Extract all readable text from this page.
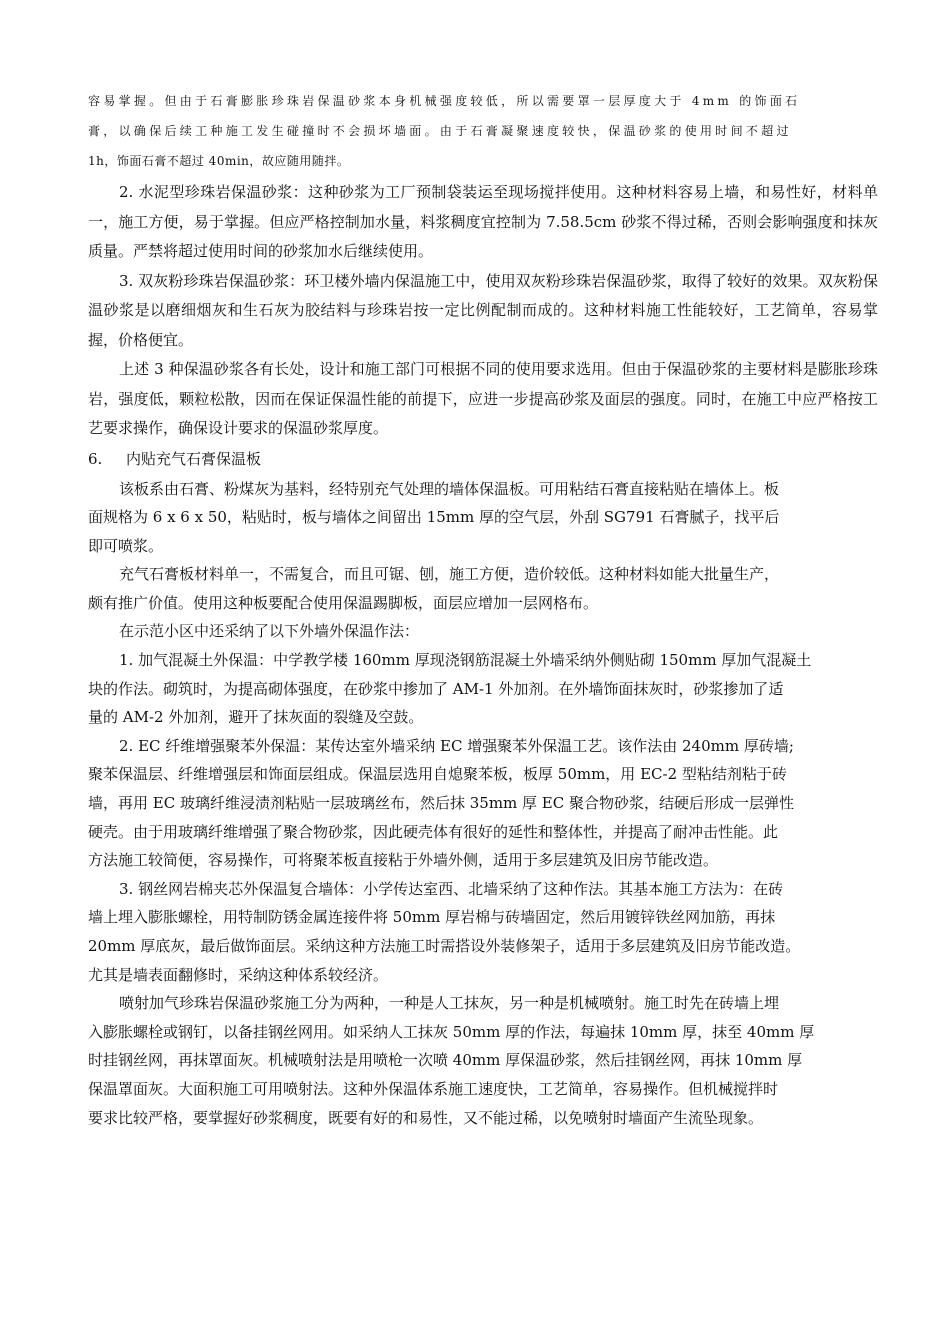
容易掌握。但由于石膏膨胀珍珠岩保温砂浆本身机械强度较低，所以需要罩一层厚度大于 4mm 的饰面石

膏，以确保后续工种施工发生碰撞时不会损坏墙面。由于石膏凝聚速度较快，保温砂浆的使用时间不超过

1h，饰面石膏不超过 40min，故应随用随拌。

2. 水泥型珍珠岩保温砂浆：这种砂浆为工厂预制袋装运至现场搅拌使用。这种材料容易上墙，和易性好，材料单一，施工方便，易于掌握。但应严格控制加水量，料浆稠度宜控制为 7.58.5cm 砂浆不得过稀，否则会影响强度和抹灰质量。严禁将超过使用时间的砂浆加水后继续使用。

3. 双灰粉珍珠岩保温砂浆：环卫楼外墙内保温施工中，使用双灰粉珍珠岩保温砂浆，取得了较好的效果。双灰粉保温砂浆是以磨细烟灰和生石灰为胶结料与珍珠岩按一定比例配制而成的。这种材料施工性能较好，工艺简单，容易掌握，价格便宜。

上述 3 种保温砂浆各有长处，设计和施工部门可根据不同的使用要求选用。但由于保温砂浆的主要材料是膨胀珍珠岩，强度低，颗粒松散，因而在保证保温性能的前提下，应进一步提高砂浆及面层的强度。同时，在施工中应严格按工艺要求操作，确保设计要求的保温砂浆厚度。

6. 内贴充气石膏保温板

该板系由石膏、粉煤灰为基料，经特别充气处理的墙体保温板。可用粘结石膏直接粘贴在墙体上。板

面规格为 6 x 6 x 50，粘贴时，板与墙体之间留出 15mm 厚的空气层，外刮 SG791 石膏腻子，找平后

即可喷浆。

充气石膏板材料单一，不需复合，而且可锯、刨，施工方便，造价较低。这种材料如能大批量生产，

颇有推广价值。使用这种板要配合使用保温踢脚板，面层应增加一层网格布。

在示范小区中还采纳了以下外墙外保温作法：

1. 加气混凝土外保温：中学教学楼 160mm 厚现浇钢筋混凝土外墙采纳外侧贴砌 150mm 厚加气混凝土

块的作法。砌筑时，为提高砌体强度，在砂浆中掺加了 AM-1 外加剂。在外墙饰面抹灰时，砂浆掺加了适

量的 AM-2 外加剂，避开了抹灰面的裂缝及空鼓。

2. EC 纤维增强聚苯外保温：某传达室外墙采纳 EC 增强聚苯外保温工艺。该作法由 240mm 厚砖墙;

聚苯保温层、纤维增强层和饰面层组成。保温层选用自熄聚苯板，板厚 50mm，用 EC-2 型粘结剂粘于砖

墙，再用 EC 玻璃纤维浸渍剂粘贴一层玻璃丝布，然后抹 35mm 厚 EC 聚合物砂浆，结硬后形成一层弹性

硬壳。由于用玻璃纤维增强了聚合物砂浆，因此硬壳体有很好的延性和整体性，并提高了耐冲击性能。此

方法施工较简便，容易操作，可将聚苯板直接粘于外墙外侧，适用于多层建筑及旧房节能改造。

3. 钢丝网岩棉夹芯外保温复合墙体：小学传达室西、北墙采纳了这种作法。其基本施工方法为：在砖

墙上埋入膨胀螺栓，用特制防锈金属连接件将 50mm 厚岩棉与砖墙固定，然后用镀锌铁丝网加筋，再抹

20mm 厚底灰，最后做饰面层。采纳这种方法施工时需搭设外装修架子，适用于多层建筑及旧房节能改造。

尤其是墙表面翻修时，采纳这种体系较经济。

喷射加气珍珠岩保温砂浆施工分为两种，一种是人工抹灰，另一种是机械喷射。施工时先在砖墙上埋

入膨胀螺栓或钢钉，以备挂钢丝网用。如采纳人工抹灰 50mm 厚的作法，每遍抹 10mm 厚，抹至 40mm 厚

时挂钢丝网，再抹罩面灰。机械喷射法是用喷枪一次喷 40mm 厚保温砂浆，然后挂钢丝网，再抹 10mm 厚

保温罩面灰。大面积施工可用喷射法。这种外保温体系施工速度快，工艺简单，容易操作。但机械搅拌时

要求比较严格，要掌握好砂浆稠度，既要有好的和易性，又不能过稀，以免喷射时墙面产生流坠现象。
